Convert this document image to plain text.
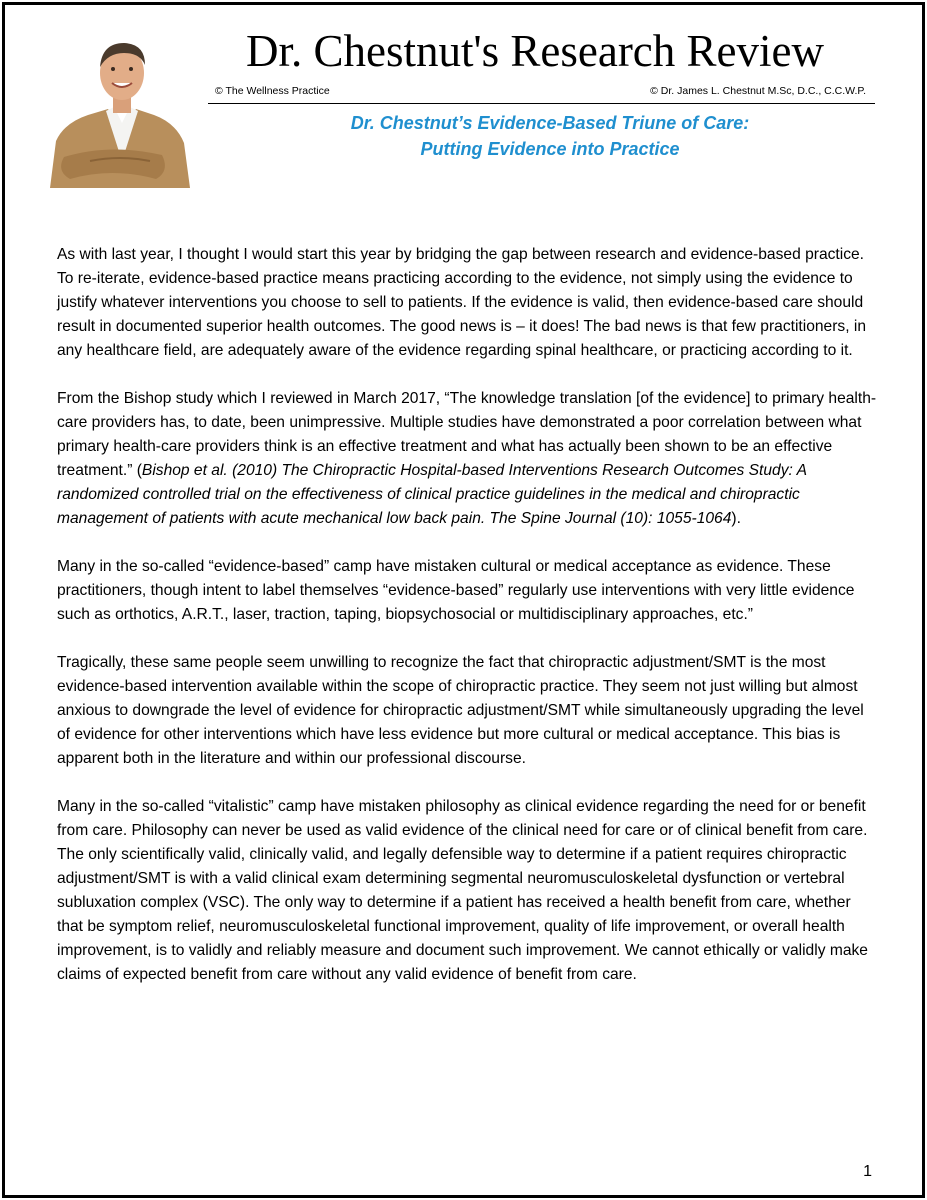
Dr. Chestnut's Research Review
© The Wellness Practice	© Dr. James L. Chestnut M.Sc, D.C., C.C.W.P.
Dr. Chestnut’s Evidence-Based Triune of Care:
Putting Evidence into Practice

As with last year, I thought I would start this year by bridging the gap between research and evidence-based practice. To re-iterate, evidence-based practice means practicing according to the evidence, not simply using the evidence to justify whatever interventions you choose to sell to patients. If the evidence is valid, then evidence-based care should result in documented superior health outcomes. The good news is – it does! The bad news is that few practitioners, in any healthcare field, are adequately aware of the evidence regarding spinal healthcare, or practicing according to it.

From the Bishop study which I reviewed in March 2017, “The knowledge translation [of the evidence] to primary health-care providers has, to date, been unimpressive. Multiple studies have demonstrated a poor correlation between what primary health-care providers think is an effective treatment and what has actually been shown to be an effective treatment.” (Bishop et al. (2010) The Chiropractic Hospital-based Interventions Research Outcomes Study: A randomized controlled trial on the effectiveness of clinical practice guidelines in the medical and chiropractic management of patients with acute mechanical low back pain. The Spine Journal (10): 1055-1064).

Many in the so-called “evidence-based” camp have mistaken cultural or medical acceptance as evidence. These practitioners, though intent to label themselves “evidence-based” regularly use interventions with very little evidence such as orthotics, A.R.T., laser, traction, taping, biopsychosocial or multidisciplinary approaches, etc.”

Tragically, these same people seem unwilling to recognize the fact that chiropractic adjustment/SMT is the most evidence-based intervention available within the scope of chiropractic practice. They seem not just willing but almost anxious to downgrade the level of evidence for chiropractic adjustment/SMT while simultaneously upgrading the level of evidence for other interventions which have less evidence but more cultural or medical acceptance. This bias is apparent both in the literature and within our professional discourse.

Many in the so-called “vitalistic” camp have mistaken philosophy as clinical evidence regarding the need for or benefit from care. Philosophy can never be used as valid evidence of the clinical need for care or of clinical benefit from care. The only scientifically valid, clinically valid, and legally defensible way to determine if a patient requires chiropractic adjustment/SMT is with a valid clinical exam determining segmental neuromusculoskeletal dysfunction or vertebral subluxation complex (VSC). The only way to determine if a patient has received a health benefit from care, whether that be symptom relief, neuromusculoskeletal functional improvement, quality of life improvement, or overall health improvement, is to validly and reliably measure and document such improvement. We cannot ethically or validly make claims of expected benefit from care without any valid evidence of benefit from care.

1
